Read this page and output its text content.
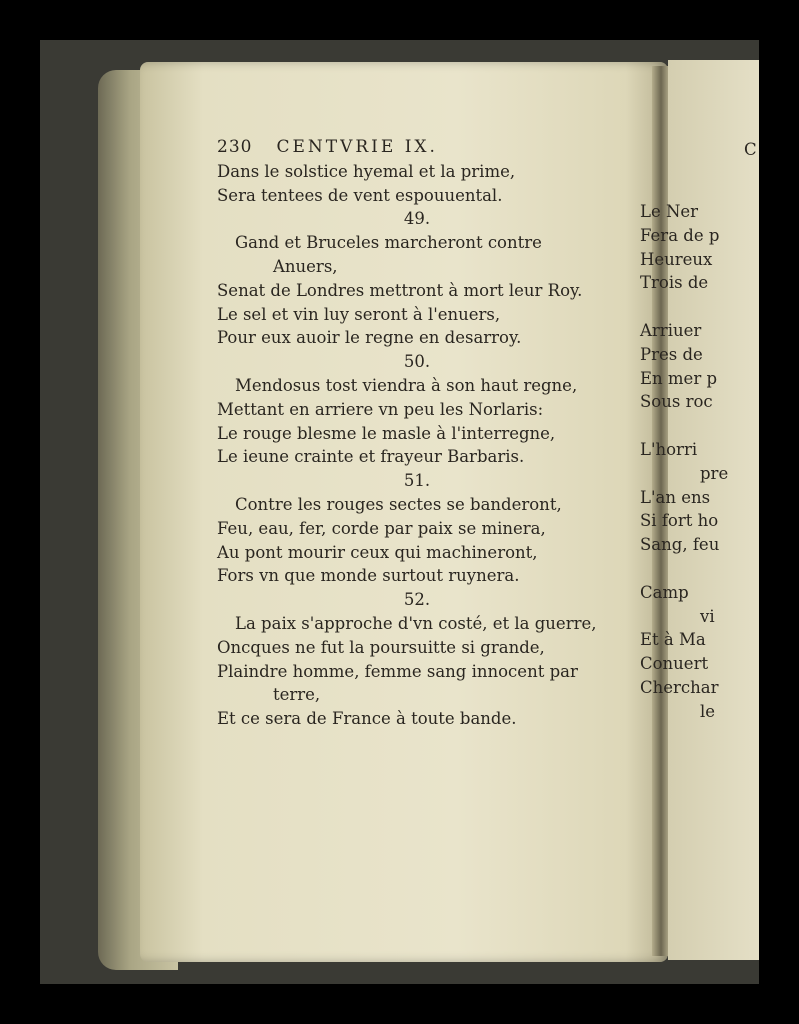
230 CENTVRIE IX.
Dans le solstice hyemal et la prime,
Sera tentees de vent espouuental.
49.
Gand et Bruceles marcheront contre
Anuers,
Senat de Londres mettront à mort leur Roy.
Le sel et vin luy seront à l'enuers,
Pour eux auoir le regne en desarroy.
50.
Mendosus tost viendra à son haut regne,
Mettant en arriere vn peu les Norlaris:
Le rouge blesme le masle à l'interregne,
Le ieune crainte et frayeur Barbaris.
51.
Contre les rouges sectes se banderont,
Feu, eau, fer, corde par paix se minera,
Au pont mourir ceux qui machineront,
Fors vn que monde surtout ruynera.
52.
La paix s'approche d'vn costé, et la guerre,
Oncques ne fut la poursuitte si grande,
Plaindre homme, femme sang innocent par
terre,
Et ce sera de France à toute bande.
C
Le Ner
Fera de p
Heureux
Trois de
Arriuer
Pres de
En mer p
Sous roc
L'horri
pre
L'an ens
Si fort ho
Sang, feu
Camp
vi
Et à Ma
Conuert
Cherchar
le
